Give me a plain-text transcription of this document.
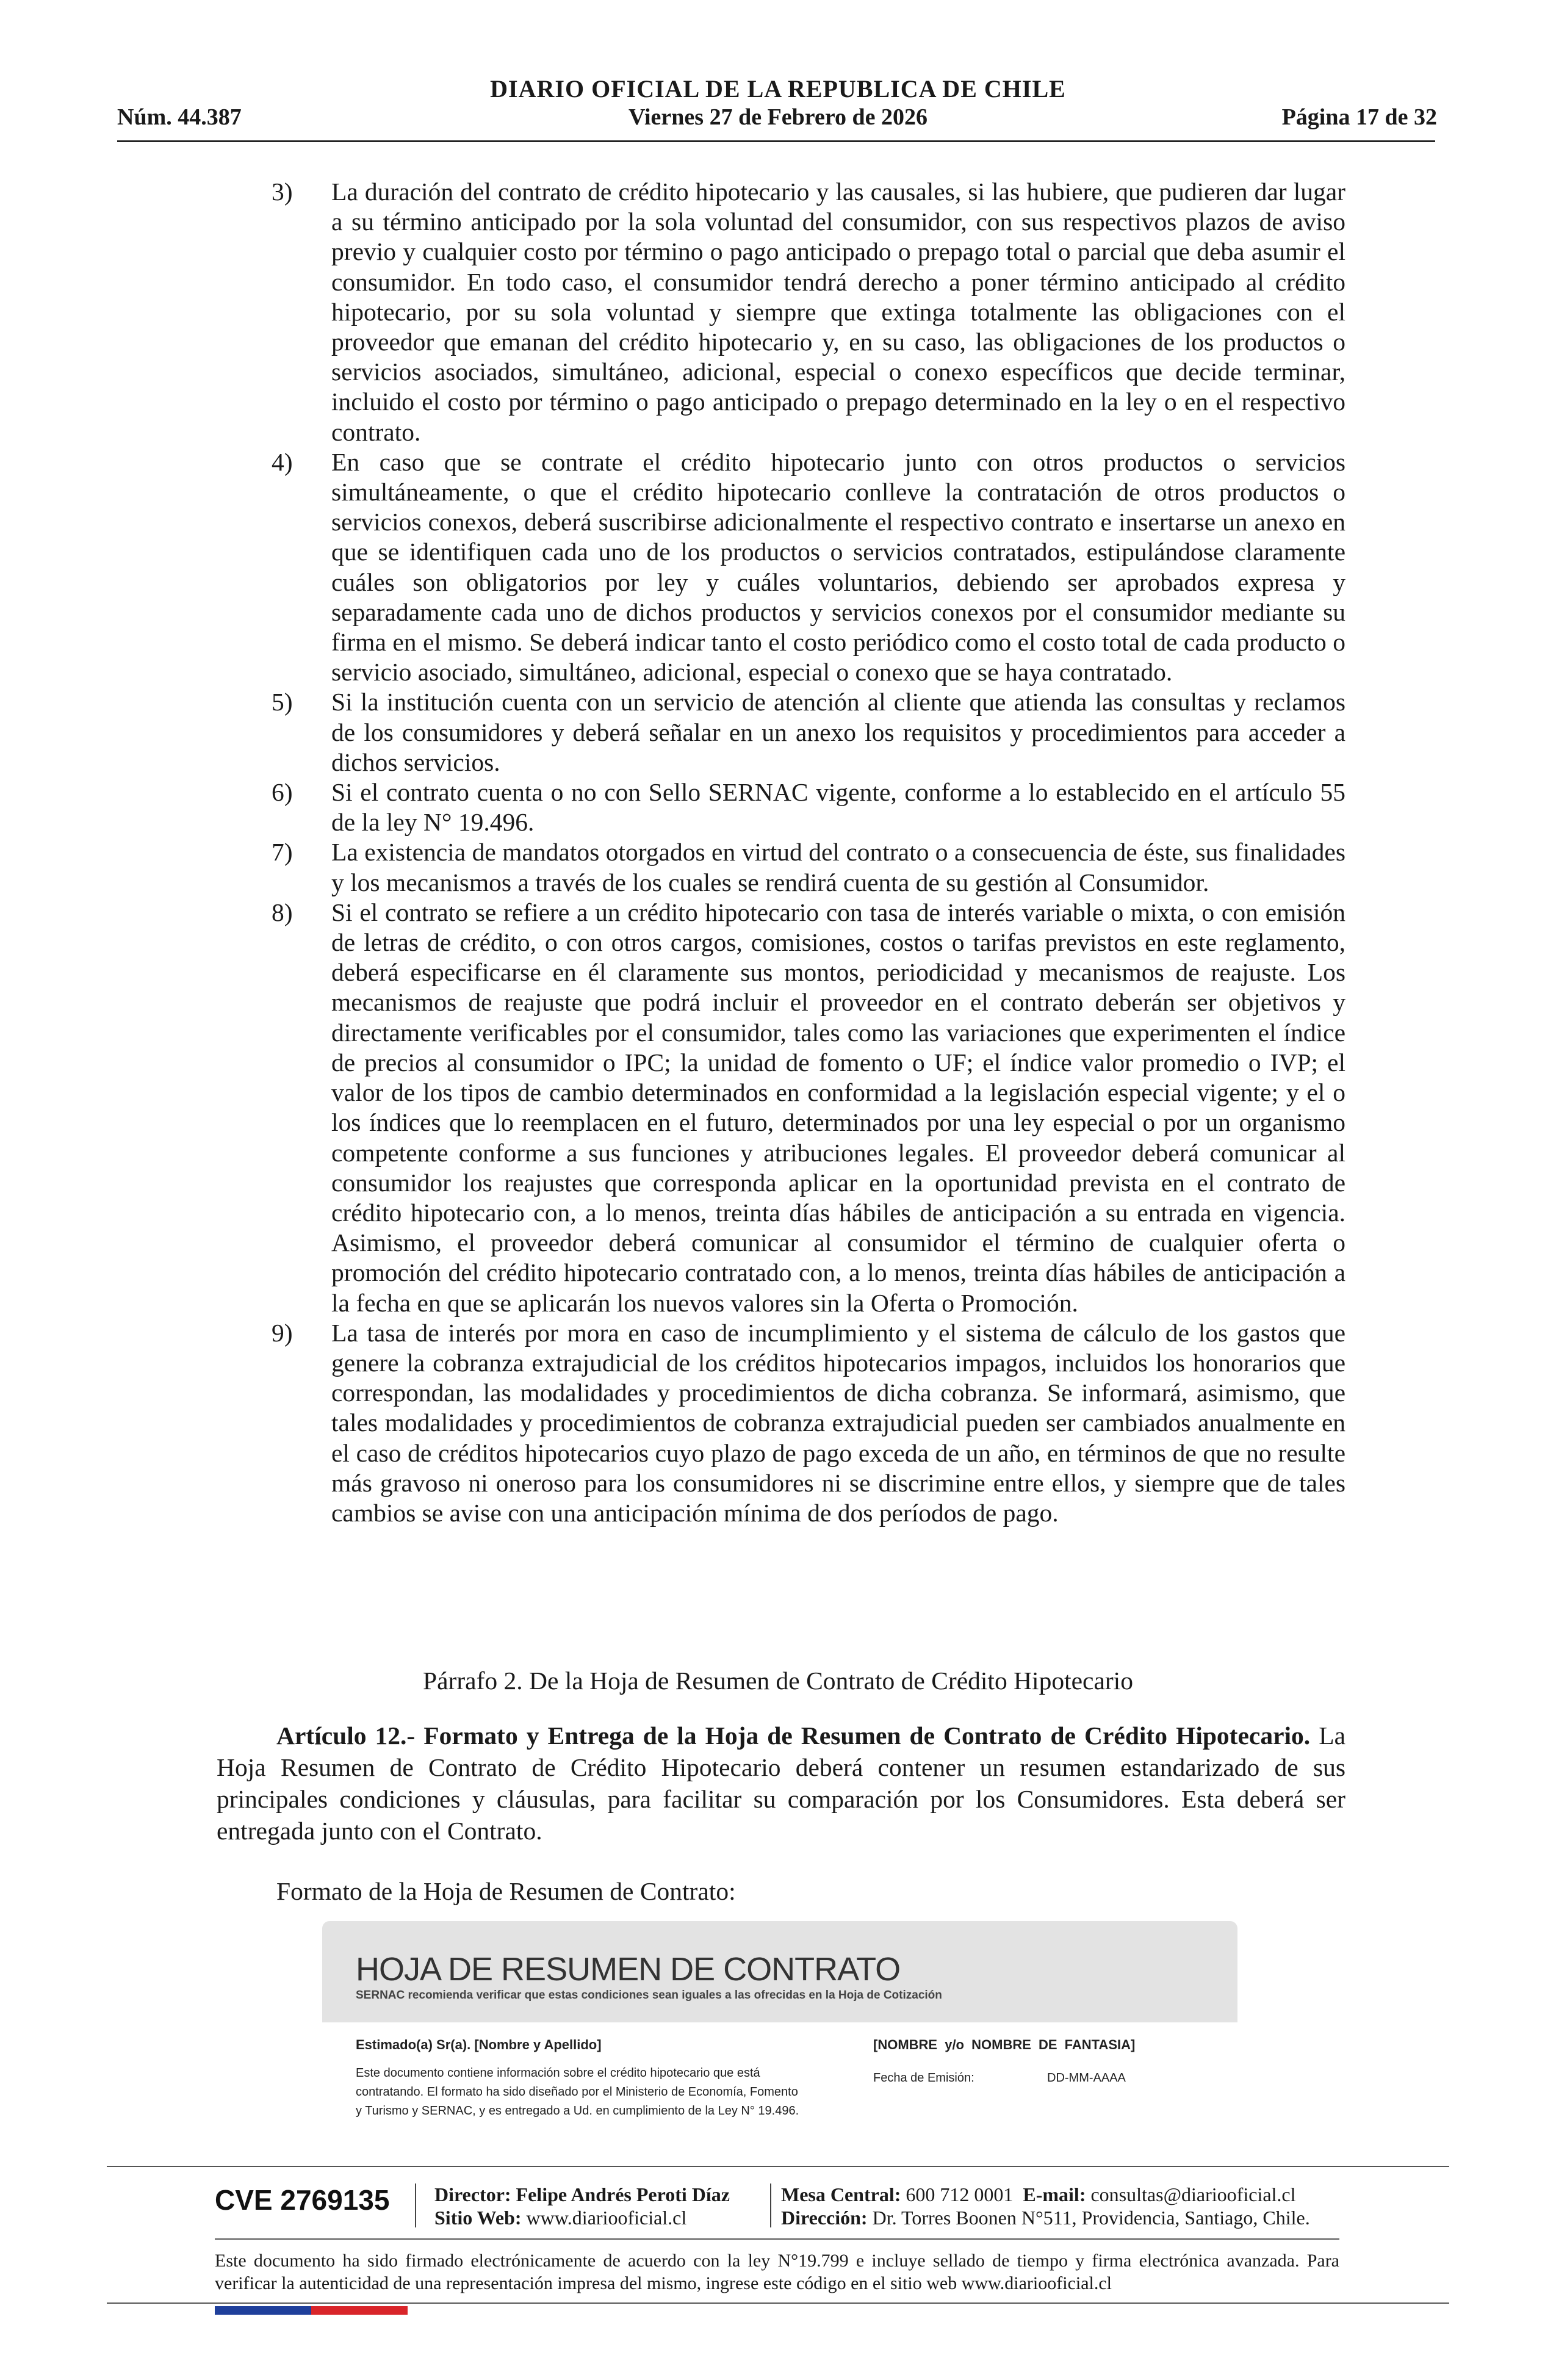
DIARIO OFICIAL DE LA REPUBLICA DE CHILE
Núm. 44.387	Viernes 27 de Febrero de 2026	Página 17 de 32
3) La duración del contrato de crédito hipotecario y las causales, si las hubiere, que pudieren dar lugar a su término anticipado por la sola voluntad del consumidor, con sus respectivos plazos de aviso previo y cualquier costo por término o pago anticipado o prepago total o parcial que deba asumir el consumidor. En todo caso, el consumidor tendrá derecho a poner término anticipado al crédito hipotecario, por su sola voluntad y siempre que extinga totalmente las obligaciones con el proveedor que emanan del crédito hipotecario y, en su caso, las obligaciones de los productos o servicios asociados, simultáneo, adicional, especial o conexo específicos que decide terminar, incluido el costo por término o pago anticipado o prepago determinado en la ley o en el respectivo contrato.
4) En caso que se contrate el crédito hipotecario junto con otros productos o servicios simultáneamente, o que el crédito hipotecario conlleve la contratación de otros productos o servicios conexos, deberá suscribirse adicionalmente el respectivo contrato e insertarse un anexo en que se identifiquen cada uno de los productos o servicios contratados, estipulándose claramente cuáles son obligatorios por ley y cuáles voluntarios, debiendo ser aprobados expresa y separadamente cada uno de dichos productos y servicios conexos por el consumidor mediante su firma en el mismo. Se deberá indicar tanto el costo periódico como el costo total de cada producto o servicio asociado, simultáneo, adicional, especial o conexo que se haya contratado.
5) Si la institución cuenta con un servicio de atención al cliente que atienda las consultas y reclamos de los consumidores y deberá señalar en un anexo los requisitos y procedimientos para acceder a dichos servicios.
6) Si el contrato cuenta o no con Sello SERNAC vigente, conforme a lo establecido en el artículo 55 de la ley N° 19.496.
7) La existencia de mandatos otorgados en virtud del contrato o a consecuencia de éste, sus finalidades y los mecanismos a través de los cuales se rendirá cuenta de su gestión al Consumidor.
8) Si el contrato se refiere a un crédito hipotecario con tasa de interés variable o mixta, o con emisión de letras de crédito, o con otros cargos, comisiones, costos o tarifas previstos en este reglamento, deberá especificarse en él claramente sus montos, periodicidad y mecanismos de reajuste. Los mecanismos de reajuste que podrá incluir el proveedor en el contrato deberán ser objetivos y directamente verificables por el consumidor, tales como las variaciones que experimenten el índice de precios al consumidor o IPC; la unidad de fomento o UF; el índice valor promedio o IVP; el valor de los tipos de cambio determinados en conformidad a la legislación especial vigente; y el o los índices que lo reemplacen en el futuro, determinados por una ley especial o por un organismo competente conforme a sus funciones y atribuciones legales. El proveedor deberá comunicar al consumidor los reajustes que corresponda aplicar en la oportunidad prevista en el contrato de crédito hipotecario con, a lo menos, treinta días hábiles de anticipación a su entrada en vigencia. Asimismo, el proveedor deberá comunicar al consumidor el término de cualquier oferta o promoción del crédito hipotecario contratado con, a lo menos, treinta días hábiles de anticipación a la fecha en que se aplicarán los nuevos valores sin la Oferta o Promoción.
9) La tasa de interés por mora en caso de incumplimiento y el sistema de cálculo de los gastos que genere la cobranza extrajudicial de los créditos hipotecarios impagos, incluidos los honorarios que correspondan, las modalidades y procedimientos de dicha cobranza. Se informará, asimismo, que tales modalidades y procedimientos de cobranza extrajudicial pueden ser cambiados anualmente en el caso de créditos hipotecarios cuyo plazo de pago exceda de un año, en términos de que no resulte más gravoso ni oneroso para los consumidores ni se discrimine entre ellos, y siempre que de tales cambios se avise con una anticipación mínima de dos períodos de pago.
Párrafo 2. De la Hoja de Resumen de Contrato de Crédito Hipotecario
Artículo 12.- Formato y Entrega de la Hoja de Resumen de Contrato de Crédito Hipotecario. La Hoja Resumen de Contrato de Crédito Hipotecario deberá contener un resumen estandarizado de sus principales condiciones y cláusulas, para facilitar su comparación por los Consumidores. Esta deberá ser entregada junto con el Contrato.
Formato de la Hoja de Resumen de Contrato:
HOJA DE RESUMEN DE CONTRATO
SERNAC recomienda verificar que estas condiciones sean iguales a las ofrecidas en la Hoja de Cotización
Estimado(a) Sr(a). [Nombre y Apellido]
Este documento contiene información sobre el crédito hipotecario que está contratando. El formato ha sido diseñado por el Ministerio de Economía, Fomento y Turismo y SERNAC, y es entregado a Ud. en cumplimiento de la Ley N° 19.496.
[NOMBRE y/o NOMBRE DE FANTASIA]
Fecha de Emisión:	DD-MM-AAAA
CVE 2769135 Director: Felipe Andrés Peroti Díaz
Sitio Web: www.diariooficial.cl
Mesa Central: 600 712 0001 E-mail: consultas@diariooficial.cl
Dirección: Dr. Torres Boonen N°511, Providencia, Santiago, Chile.
Este documento ha sido firmado electrónicamente de acuerdo con la ley N°19.799 e incluye sellado de tiempo y firma electrónica avanzada. Para verificar la autenticidad de una representación impresa del mismo, ingrese este código en el sitio web www.diariooficial.cl
